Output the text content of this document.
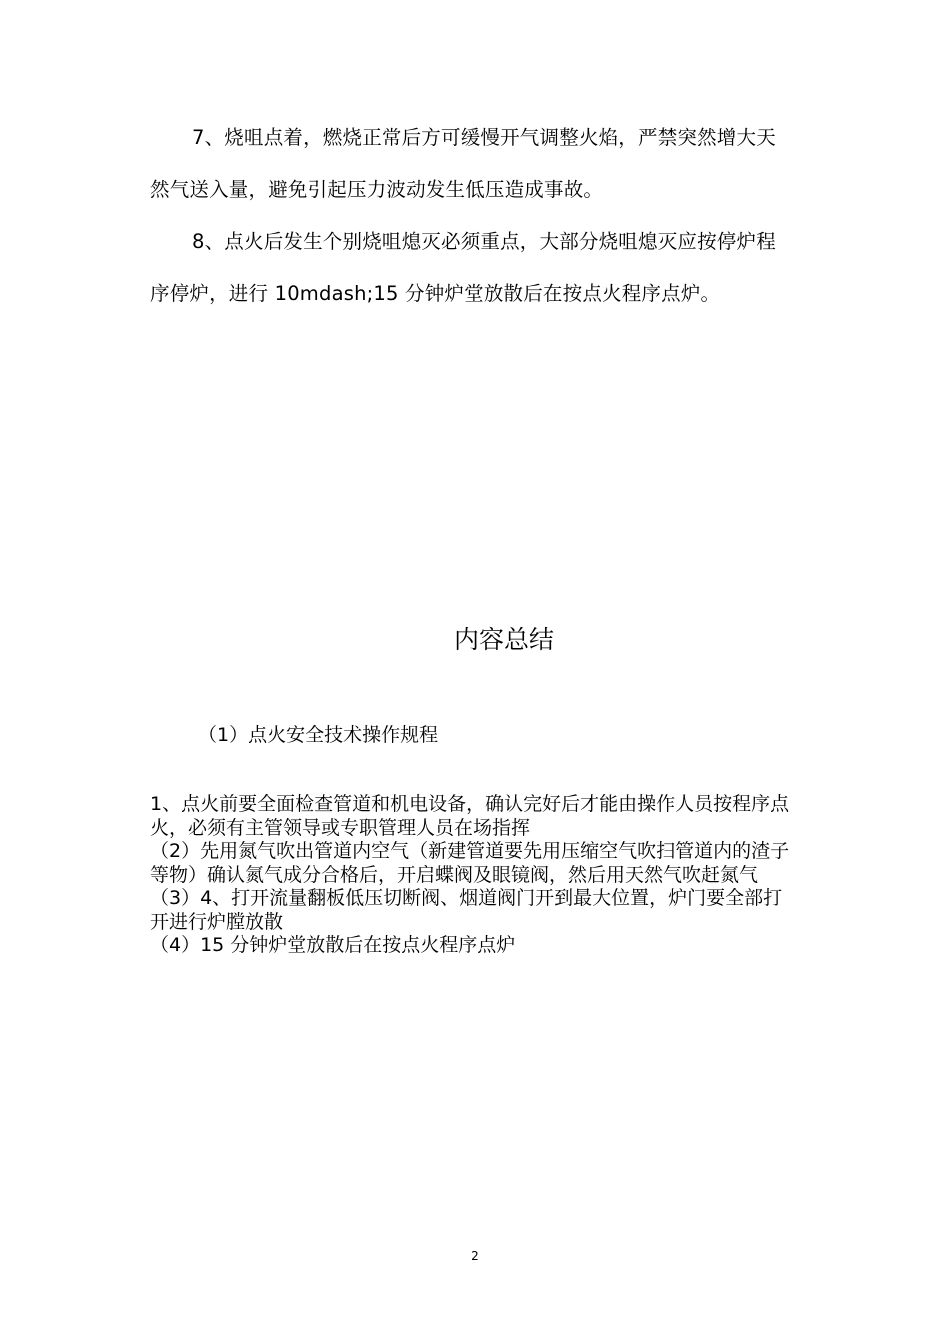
7、烧咀点着，燃烧正常后方可缓慢开气调整火焰，严禁突然增大天然气送入量，避免引起压力波动发生低压造成事故。

8、点火后发生个别烧咀熄灭必须重点，大部分烧咀熄灭应按停炉程序停炉，进行 10mdash;15 分钟炉堂放散后在按点火程序点炉。

内容总结
（1）点火安全技术操作规程
1、点火前要全面检查管道和机电设备，确认完好后才能由操作人员按程序点火，必须有主管领导或专职管理人员在场指挥
（2）先用氮气吹出管道内空气（新建管道要先用压缩空气吹扫管道内的渣子等物）确认氮气成分合格后，开启蝶阀及眼镜阀，然后用天然气吹赶氮气
（3）4、打开流量翻板低压切断阀、烟道阀门开到最大位置，炉门要全部打开进行炉膛放散
（4）15 分钟炉堂放散后在按点火程序点炉
2
